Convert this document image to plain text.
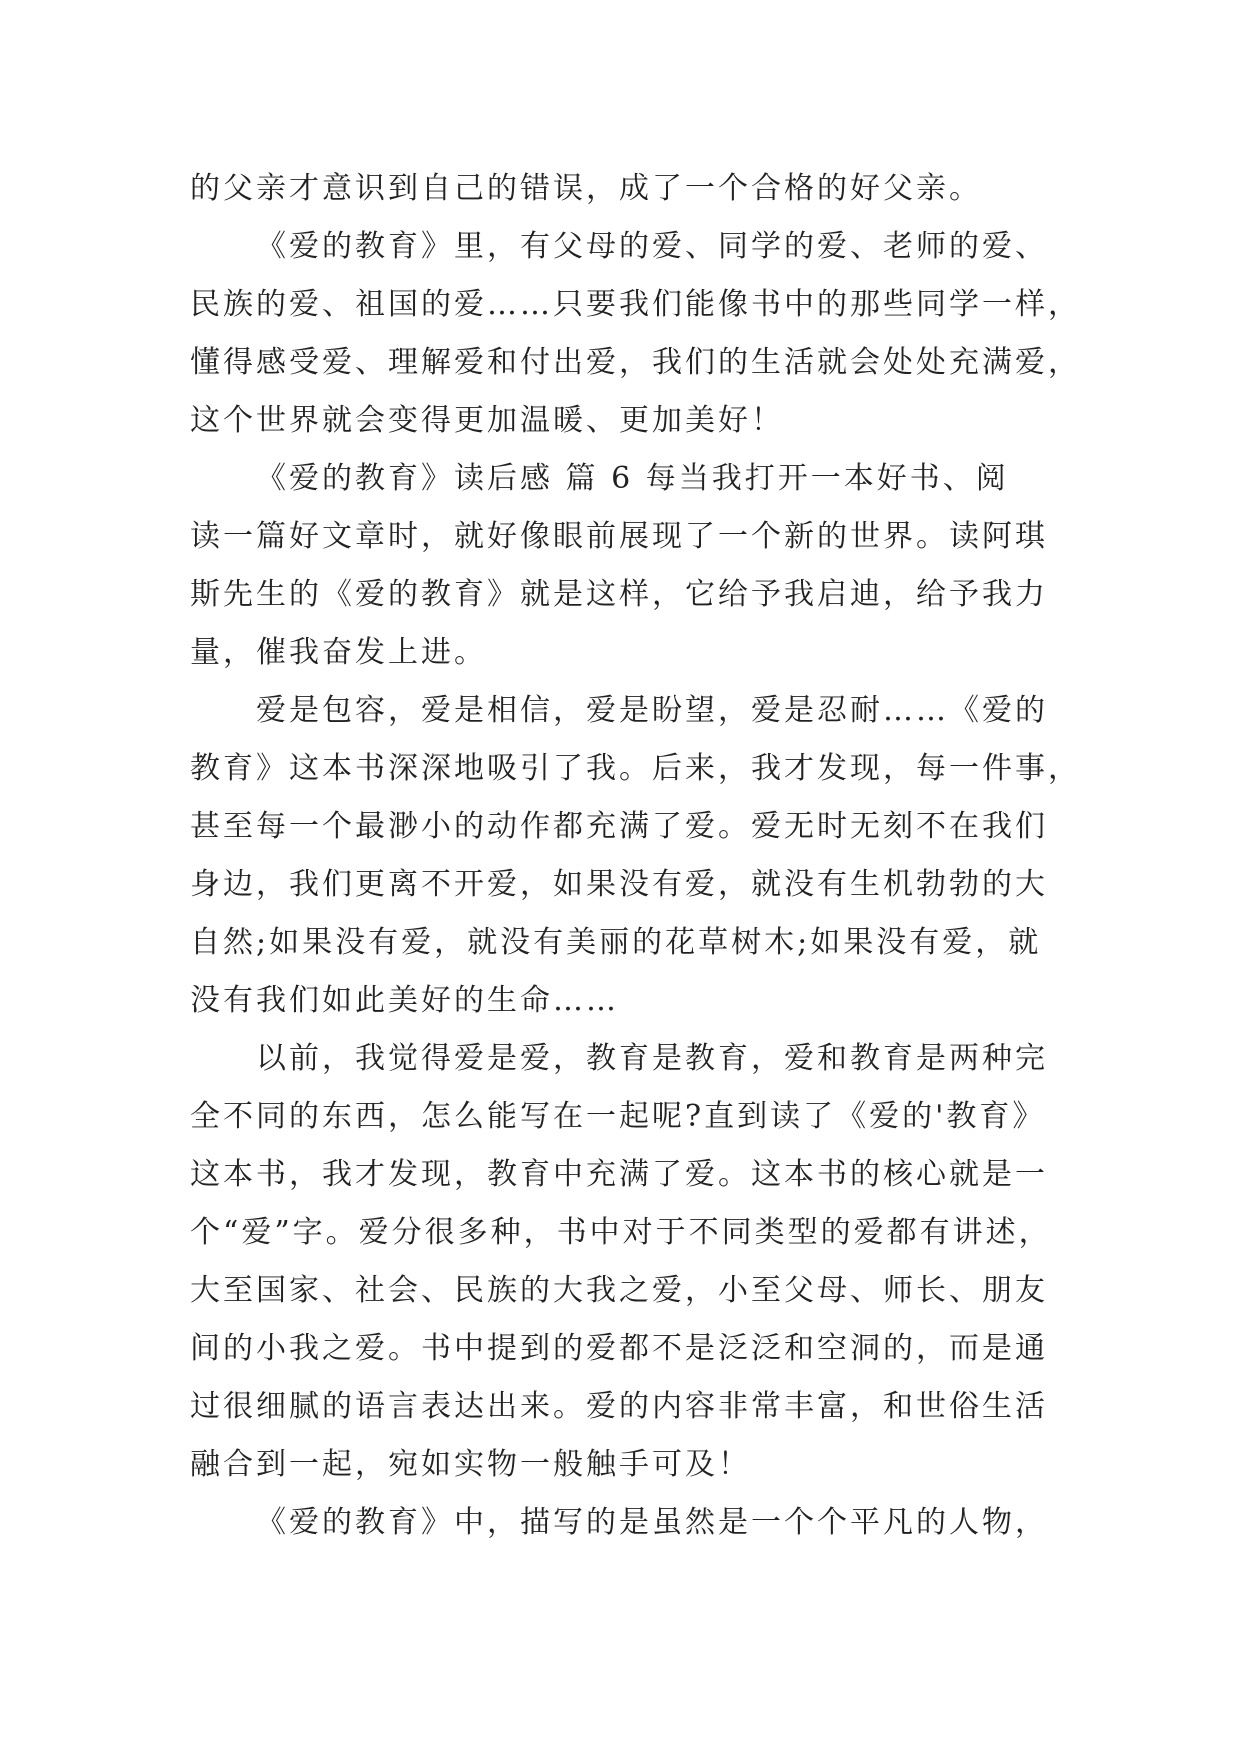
的父亲才意识到自己的错误，成了一个合格的好父亲。
《爱的教育》里，有父母的爱、同学的爱、老师的爱、
民族的爱、祖国的爱……只要我们能像书中的那些同学一样，
懂得感受爱、理解爱和付出爱，我们的生活就会处处充满爱，
这个世界就会变得更加温暖、更加美好！
《爱的教育》读后感 篇 6 每当我打开一本好书、阅
读一篇好文章时，就好像眼前展现了一个新的世界。读阿琪
斯先生的《爱的教育》就是这样，它给予我启迪，给予我力
量，催我奋发上进。
爱是包容，爱是相信，爱是盼望，爱是忍耐……《爱的
教育》这本书深深地吸引了我。后来，我才发现，每一件事，
甚至每一个最渺小的动作都充满了爱。爱无时无刻不在我们
身边，我们更离不开爱，如果没有爱，就没有生机勃勃的大
自然;如果没有爱，就没有美丽的花草树木;如果没有爱，就
没有我们如此美好的生命……
以前，我觉得爱是爱，教育是教育，爱和教育是两种完
全不同的东西，怎么能写在一起呢?直到读了《爱的'教育》
这本书，我才发现，教育中充满了爱。这本书的核心就是一
个“爱”字。爱分很多种，书中对于不同类型的爱都有讲述，
大至国家、社会、民族的大我之爱，小至父母、师长、朋友
间的小我之爱。书中提到的爱都不是泛泛和空洞的，而是通
过很细腻的语言表达出来。爱的内容非常丰富，和世俗生活
融合到一起，宛如实物一般触手可及！
《爱的教育》中，描写的是虽然是一个个平凡的人物，
